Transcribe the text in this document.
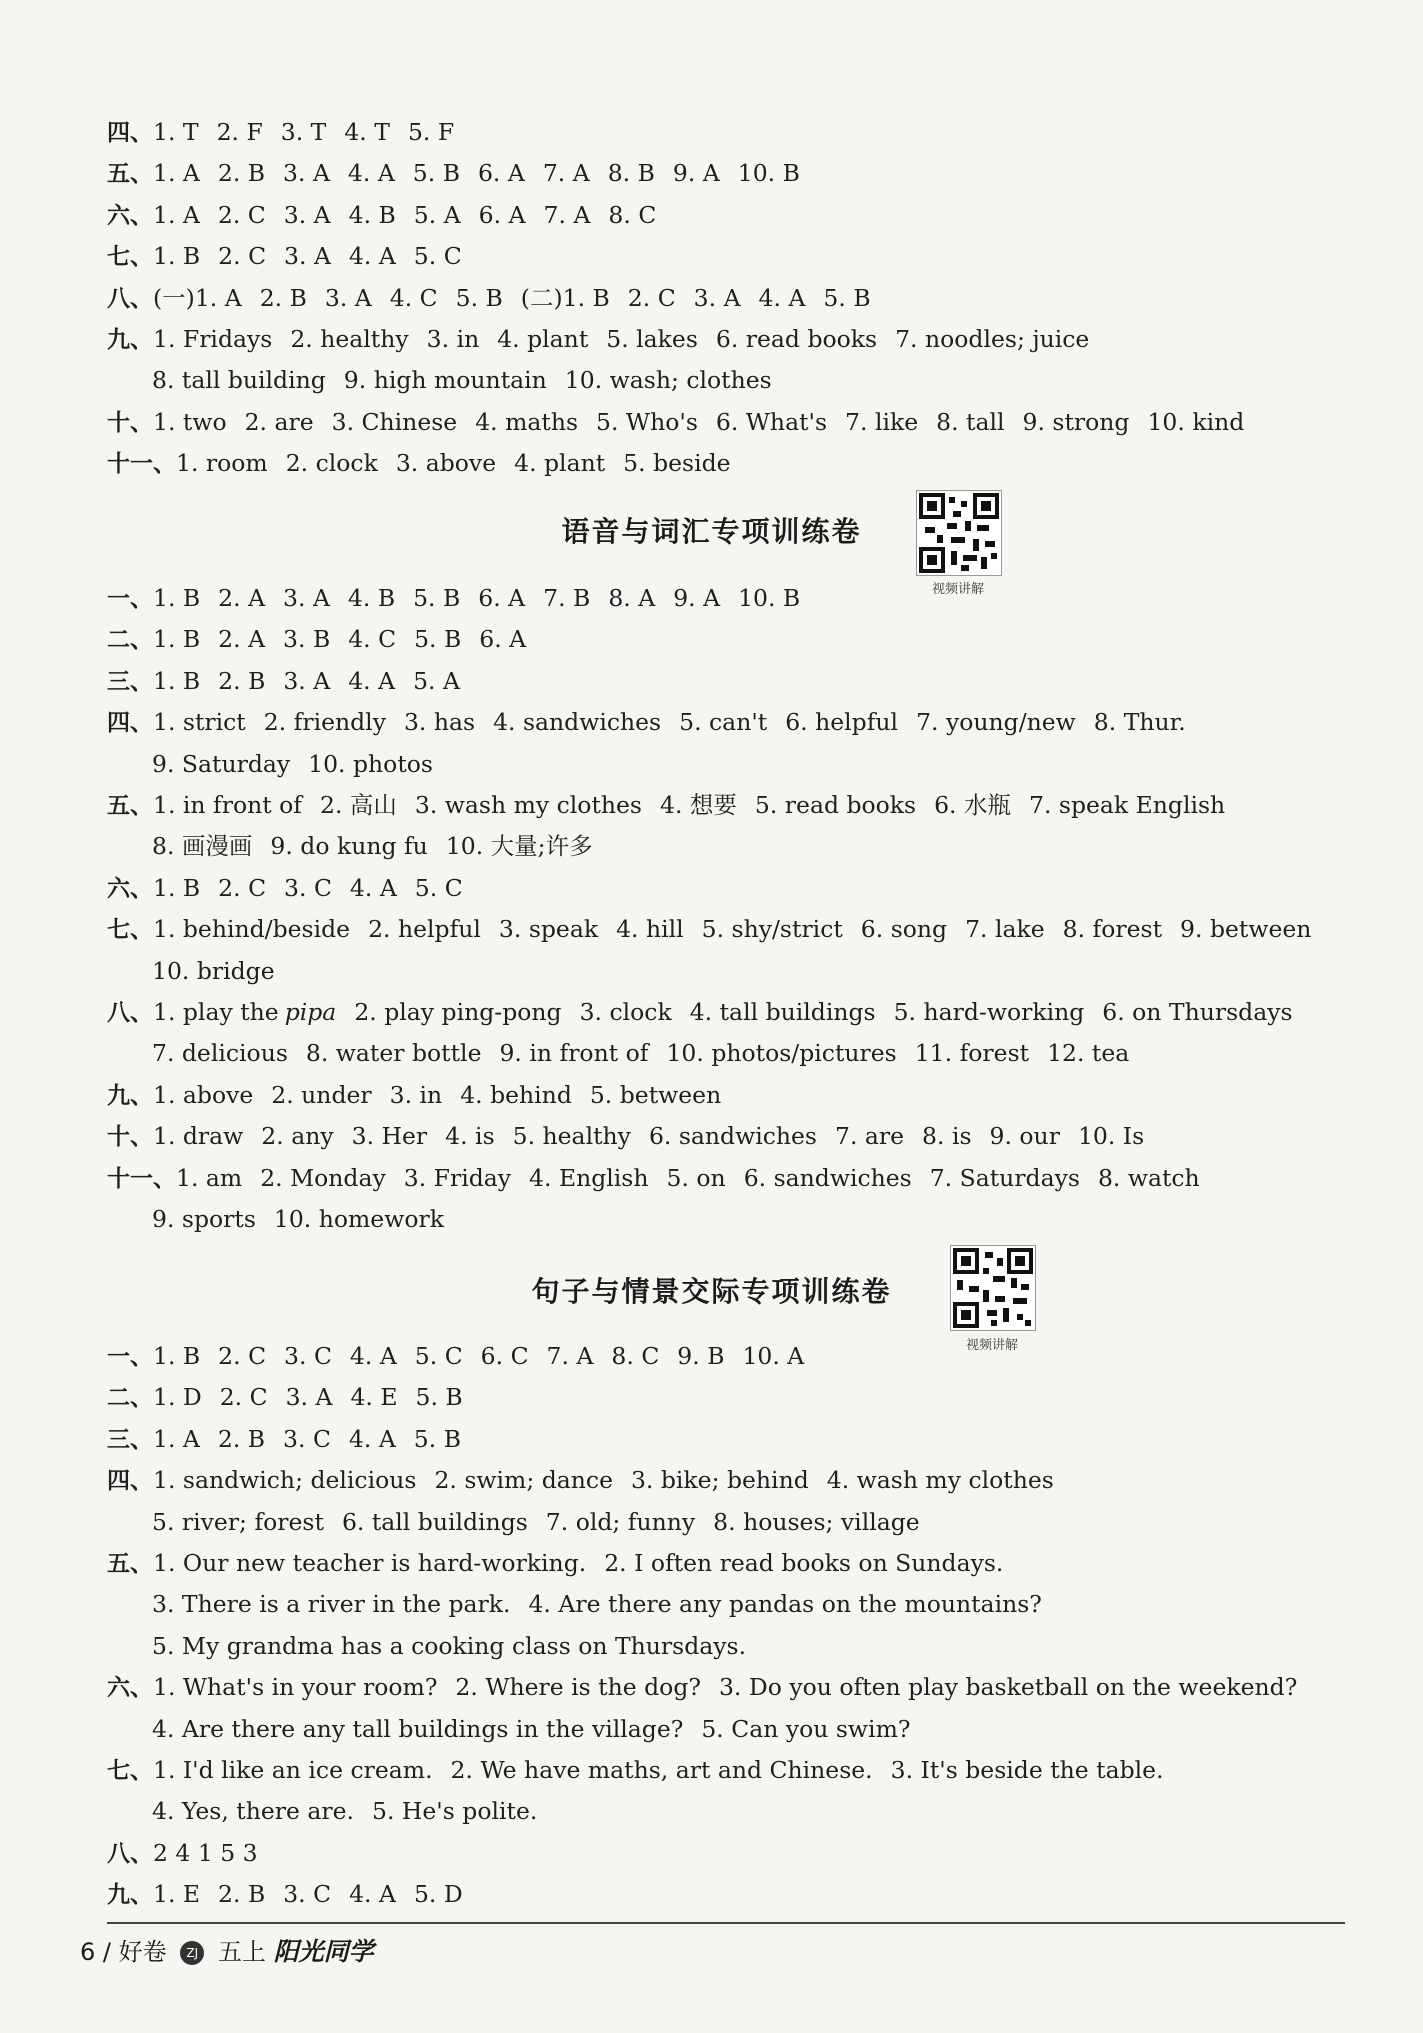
四、1. T 2. F 3. T 4. T 5. F
五、1. A 2. B 3. A 4. A 5. B 6. A 7. A 8. B 9. A 10. B
六、1. A 2. C 3. A 4. B 5. A 6. A 7. A 8. C
七、1. B 2. C 3. A 4. A 5. C
八、(一)1. A 2. B 3. A 4. C 5. B (二)1. B 2. C 3. A 4. A 5. B
九、1. Fridays 2. healthy 3. in 4. plant 5. lakes 6. read books 7. noodles; juice
8. tall building 9. high mountain 10. wash; clothes
十、1. two 2. are 3. Chinese 4. maths 5. Who's 6. What's 7. like 8. tall 9. strong 10. kind
十一、1. room 2. clock 3. above 4. plant 5. beside
语音与词汇专项训练卷
视频讲解
一、1. B 2. A 3. A 4. B 5. B 6. A 7. B 8. A 9. A 10. B
二、1. B 2. A 3. B 4. C 5. B 6. A
三、1. B 2. B 3. A 4. A 5. A
四、1. strict 2. friendly 3. has 4. sandwiches 5. can't 6. helpful 7. young/new 8. Thur.
9. Saturday 10. photos
五、1. in front of 2. 高山 3. wash my clothes 4. 想要 5. read books 6. 水瓶 7. speak English
8. 画漫画 9. do kung fu 10. 大量;许多
六、1. B 2. C 3. C 4. A 5. C
七、1. behind/beside 2. helpful 3. speak 4. hill 5. shy/strict 6. song 7. lake 8. forest 9. between
10. bridge
八、1. play the pipa 2. play ping-pong 3. clock 4. tall buildings 5. hard-working 6. on Thursdays
7. delicious 8. water bottle 9. in front of 10. photos/pictures 11. forest 12. tea
九、1. above 2. under 3. in 4. behind 5. between
十、1. draw 2. any 3. Her 4. is 5. healthy 6. sandwiches 7. are 8. is 9. our 10. Is
十一、1. am 2. Monday 3. Friday 4. English 5. on 6. sandwiches 7. Saturdays 8. watch
9. sports 10. homework
句子与情景交际专项训练卷
视频讲解
一、1. B 2. C 3. C 4. A 5. C 6. C 7. A 8. C 9. B 10. A
二、1. D 2. C 3. A 4. E 5. B
三、1. A 2. B 3. C 4. A 5. B
四、1. sandwich; delicious 2. swim; dance 3. bike; behind 4. wash my clothes
5. river; forest 6. tall buildings 7. old; funny 8. houses; village
五、1. Our new teacher is hard-working. 2. I often read books on Sundays.
3. There is a river in the park. 4. Are there any pandas on the mountains?
5. My grandma has a cooking class on Thursdays.
六、1. What's in your room? 2. Where is the dog? 3. Do you often play basketball on the weekend?
4. Are there any tall buildings in the village? 5. Can you swim?
七、1. I'd like an ice cream. 2. We have maths, art and Chinese. 3. It's beside the table.
4. Yes, there are. 5. He's polite.
八、2 4 1 5 3
九、1. E 2. B 3. C 4. A 5. D
6 / 好卷 ZJ 五上 阳光同学
